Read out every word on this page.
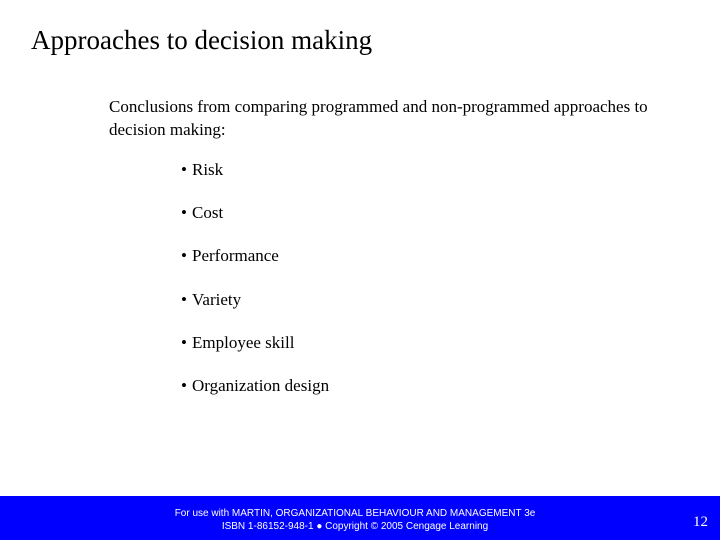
Approaches to decision making
Conclusions from comparing programmed and non-programmed approaches to decision making:
• Risk
• Cost
• Performance
• Variety
• Employee skill
• Organization design
For use with MARTIN, ORGANIZATIONAL BEHAVIOUR AND MANAGEMENT 3e
ISBN 1-86152-948-1 ● Copyright © 2005 Cengage Learning	12
